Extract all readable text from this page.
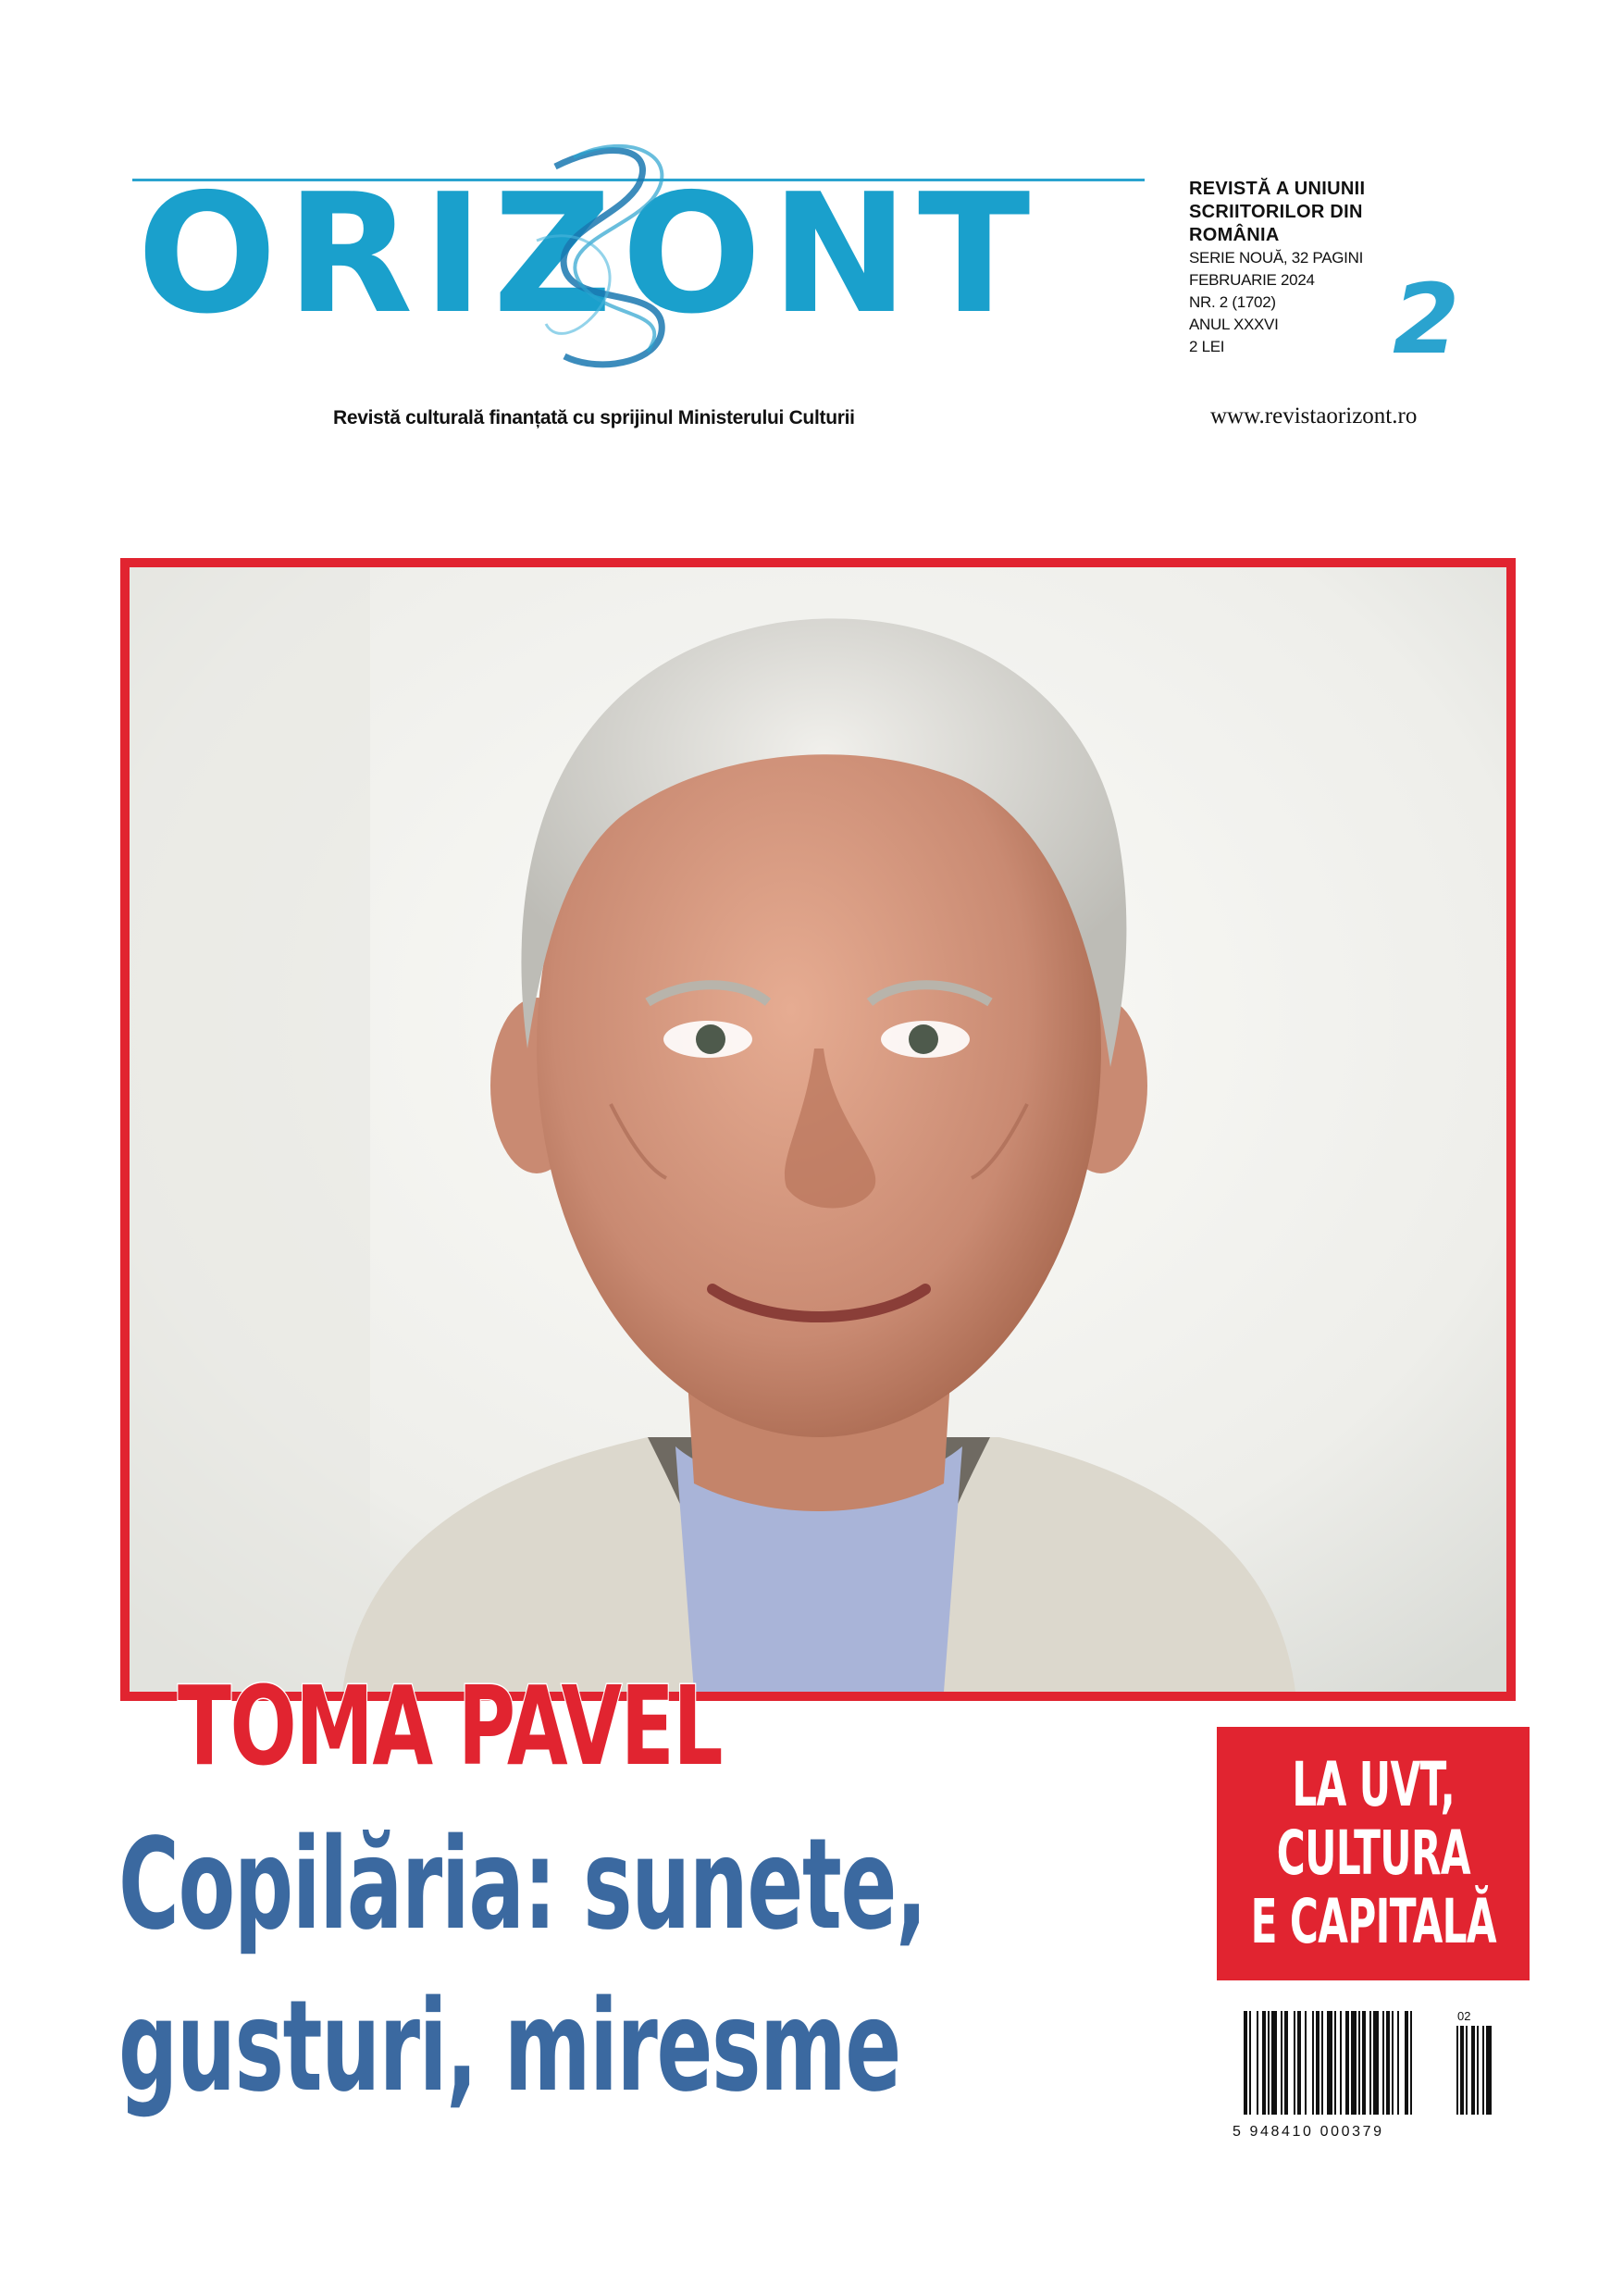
ORIZONT
Revistă culturală finanțată cu sprijinul Ministerului Culturii
REVISTĂ A UNIUNII
SCRIITORILOR DIN
ROMÂNIA
SERIE NOUĂ, 32 PAGINI
FEBRUARIE 2024
NR. 2 (1702)
ANUL XXXVI
2 LEI	2
www.revistaorizont.ro
TOMA PAVEL
Copilăria: sunete,
gusturi, miresme
LA UVT,
CULTURA
E CAPITALĂ
02
5 948410 000379
